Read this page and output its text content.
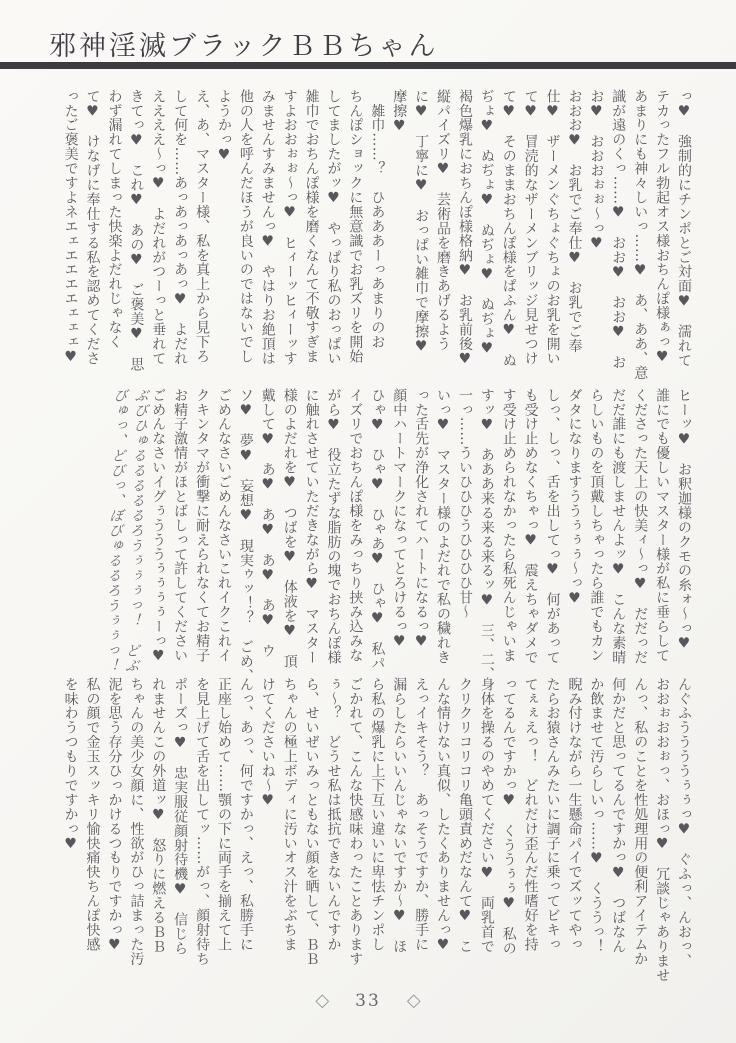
邪神淫滅ブラックＢＢちゃん
っ♥　強制的にチンポとご対面♥　濡れて
テカったフル勃起オス様おちんぽ様ぁっ♥
あまりにも神々しいっ……♥　あ、ああ、意
識が遠のくっ……♥　おお♥　おお♥　お
お♥　おおおぉぉ～っ♥
おおお♥　お乳でご奉仕♥　お乳でご奉
仕♥　ザーメンぐちょぐちょのお乳を開い
て♥　冒涜的なザーメンブリッジ見せつけ
て♥　そのままおちんぽ様をぱふん♥　ぬ
ぢょ♥　ぬぢょ♥　ぬぢょ♥　ぬぢょ♥
褐色爆乳におちんぽ様格納♥　お乳前後♥
縦パイズリ♥　芸術品を磨きあげるよう
に♥　丁寧に♥　おっぱい雑巾で摩擦♥
摩擦♥
　雑巾……？　ひあああーっあまりのお
ちんぽショックに無意識でお乳ズリを開始
してましたがッ♥　やっぱり私のおっぱい
雑巾でおちんぽ様を磨くなんて不敬すぎま
すよおおぉぉ～っ♥　ヒィーッヒィーッす
みませんすみませんっ♥　やはりお絶頂は
他の人を呼んだほうが良いのではないでし
ようかっ♥
え、あ、マスター様、私を真上から見下ろ
して何を……あっあっあっあっ♥　よだれ
ええええ～っ♥　よだれがつーっと垂れて
きてっ♥　これ♥　あの♥　ご褒美♥　思
わず漏れてしまった快楽よだれじゃなく
て♥　けなげに奉仕する私を認めてくださ
ったご褒美ですよネエェエエエエェェェ♥
ヒーッ♥　お釈迦様のクモの糸ォ～っ♥
誰にでも優しいマスター様が私に垂らして
くださった天上の快美ィ～っ♥　だだっだ
だだ誰にも渡しませんよッ♥　こんな素晴
らしいものを頂戴しちゃったら誰でもカン
ダタになりますううぅぅぅ～っ♥
しっ、しっ、舌を出してっ♥　何があって
も受け止めなくちゃっ♥　震えちゃダメで
す受け止められなかったら私死んじゃいま
すッ♥　あああ来る来る来るッ♥　三、二、
一っ……ういひひひうひひひひ甘～
いっ♥　マスター様のよだれで私の穢れき
った舌先が浄化されてハートになるっ♥
顔中ハートマークになってとろけるっ♥
ひゃ♥　ひゃ♥　ひゃあ♥　ひゃ♥　私パ
イズリでおちんぽ様をみっちり挟み込みな
がら♥　役立たずな脂肪の塊でおちんぽ様
に触れさせていただきながら♥　マスター
様のよだれを♥　つばを♥　体液を♥　頂
戴して♥　あ♥　あ♥　あ♥　あ♥　ウ
ソ♥　夢♥　妄想♥　現実ゥッ！？　ごめ、
ごめんなさいごめんなさいこれイクこれイ
クキンタマが衝撃に耐えられなくてお精子
お精子激情がほとばしって許してください
ごめんなさいイグぅうううぅぅぅぅーっ♥
ぶびひゅるるるるるろうぅぅぅっ！　どぶ
びゅっ、どびっ、ぼびゅるるろうぅぅっ！
んぐふううううぅぅっ♥　ぐふっ、んおっ、
おおぉおおぉっ、おほっ♥　冗談じゃありませ
んっ、私のことを性処理用の便利アイテムか
何かだと思ってるんですかっ♥　つばなん
か飲ませて汚らしいっ……♥　くううっ！
睨み付けながら一生懸命パイでズッてやっ
たらお猿さんみたいに調子に乗ってビキっ
てぇぇえっ！　どれだけ歪んだ性嗜好を持
ってるんですかっ♥　くううぅぅ♥　私の
身体を操るのやめてください♥　両乳首で
クリクリコリコリ亀頭責めだなんて♥　こ
んな情けない真似、したくありませんっ♥
えっイキそう？　あっそうですか、勝手に
漏らしたらいいんじゃないですか～♥　ほ
ら私の爆乳に上下互い違いに卑怯チンポし
ごかれて、こんな快感味わったことあります
ぅ～？　どうせ私は抵抗できないんですか
ら、せいぜいみっともない顔を晒して、ＢＢ
ちゃんの極上ボディに汚いオス汁をぶちま
けてくださいね～♥
んっ、あっ、何ですかっ、えっ、私勝手に
正座し始めて……顎の下に両手を揃えて上
を見上げて舌を出してッ……がっ、顔射待ち
ポーズっ♥　忠実服従顔射待機♥　信じら
れませんこの外道ッ♥　怒りに燃えるＢＢ
ちゃんの美少女顔に、性欲がひっ詰まった汚
泥を思う存分ひっかけるつもりですかっ♥
私の顔で金玉スッキリ愉快痛快ちんぽ快感
を味わうつもりですかっ♥
◇ 33 ◇
